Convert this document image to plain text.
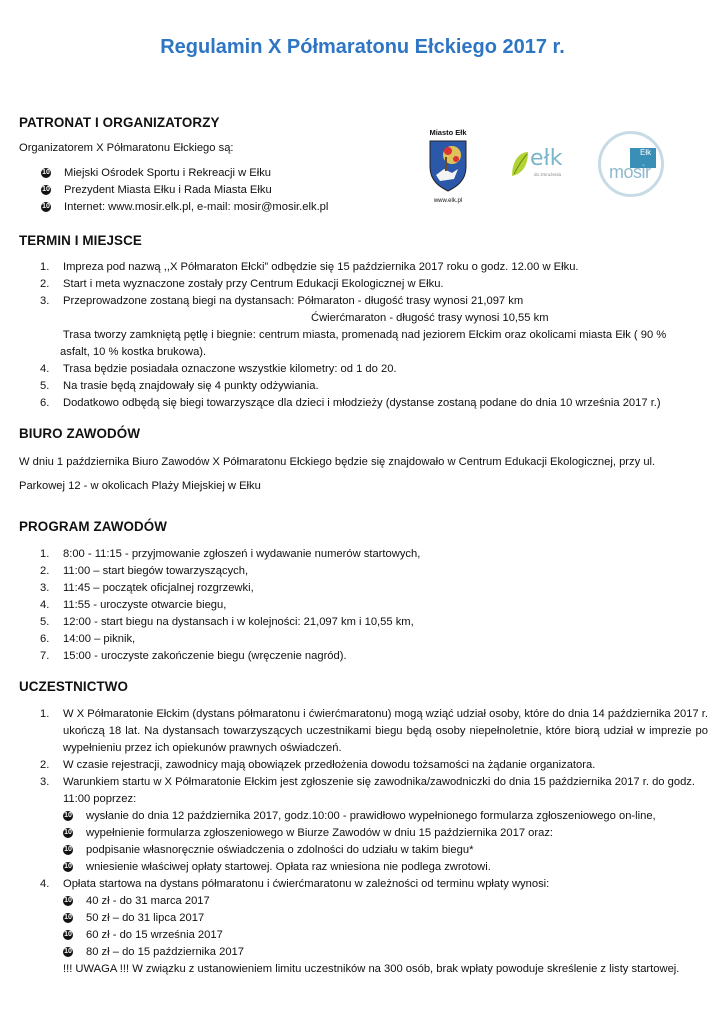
Regulamin X Półmaratonu Ełckiego 2017 r.

PATRONAT I ORGANIZATORZY

Organizatorem X Półmaratonu Ełckiego są:

10 Miejski Ośrodek Sportu i Rekreacji w Ełku
10 Prezydent Miasta Ełku i Rada Miasta Ełku
10 Internet: www.mosir.elk.pl, e-mail: mosir@mosir.elk.pl
Miasto Ełk
www.elk.pl
ełk
do zmrużenia
Ełk
mosir

TERMIN I MIEJSCE

1. Impreza pod nazwą ,,X Półmaraton Ełcki” odbędzie się 15 października 2017 roku o godz. 12.00 w Ełku.
2. Start i meta wyznaczone zostały przy Centrum Edukacji Ekologicznej w Ełku.
3. Przeprowadzone zostaną biegi na dystansach: Półmaraton - długość trasy wynosi 21,097 km

Ćwierćmaraton - długość trasy wynosi 10,55 km

Trasa tworzy zamkniętą pętlę i biegnie: centrum miasta, promenadą nad jeziorem Ełckim oraz okolicami miasta Ełk ( 90 %

asfalt, 10 % kostka brukowa).

4. Trasa będzie posiadała oznaczone wszystkie kilometry: od 1 do 20.
5. Na trasie będą znajdowały się 4 punkty odżywiania.
6. Dodatkowo odbędą się biegi towarzyszące dla dzieci i młodzieży (dystanse zostaną podane do dnia 10 września 2017 r.)

BIURO ZAWODÓW

W dniu 1 października Biuro Zawodów X Półmaratonu Ełckiego będzie się znajdowało w Centrum Edukacji Ekologicznej, przy ul.

Parkowej 12 - w okolicach Plaży Miejskiej w Ełku

PROGRAM ZAWODÓW

1. 8:00 - 11:15 - przyjmowanie zgłoszeń i wydawanie numerów startowych,
2. 11:00 – start biegów towarzyszących,
3. 11:45 – początek oficjalnej rozgrzewki,
4. 11:55 - uroczyste otwarcie biegu,
5. 12:00 - start biegu na dystansach i w kolejności: 21,097 km i 10,55 km,
6. 14:00 – piknik,
7. 15:00 - uroczyste zakończenie biegu (wręczenie nagród).

UCZESTNICTWO

1. W X Półmaratonie Ełckim (dystans półmaratonu i ćwierćmaratonu) mogą wziąć udział osoby, które do dnia 14 października 2017 r. ukończą 18 lat. Na dystansach towarzyszących uczestnikami biegu będą osoby niepełnoletnie, które biorą udział w imprezie po wypełnieniu przez ich opiekunów prawnych oświadczeń.
2. W czasie rejestracji, zawodnicy mają obowiązek przedłożenia dowodu tożsamości na żądanie organizatora.
3. Warunkiem startu w X Półmaratonie Ełckim jest zgłoszenie się zawodnika/zawodniczki do dnia 15 października 2017 r. do godz. 11:00 poprzez:
10 wysłanie do dnia 12 października 2017, godz.10:00 - prawidłowo wypełnionego formularza zgłoszeniowego on-line,
10 wypełnienie formularza zgłoszeniowego w Biurze Zawodów w dniu 15 października 2017 oraz:
10 podpisanie własnoręcznie oświadczenia o zdolności do udziału w takim biegu*
10 wniesienie właściwej opłaty startowej. Opłata raz wniesiona nie podlega zwrotowi.
4. Opłata startowa na dystans półmaratonu i ćwierćmaratonu w zależności od terminu wpłaty wynosi:
10 40 zł - do 31 marca 2017
10 50 zł – do 31 lipca 2017
10 60 zł - do 15 września 2017
10 80 zł – do 15 października 2017
!!! UWAGA !!! W związku z ustanowieniem limitu uczestników na 300 osób, brak wpłaty powoduje skreślenie z listy startowej.
